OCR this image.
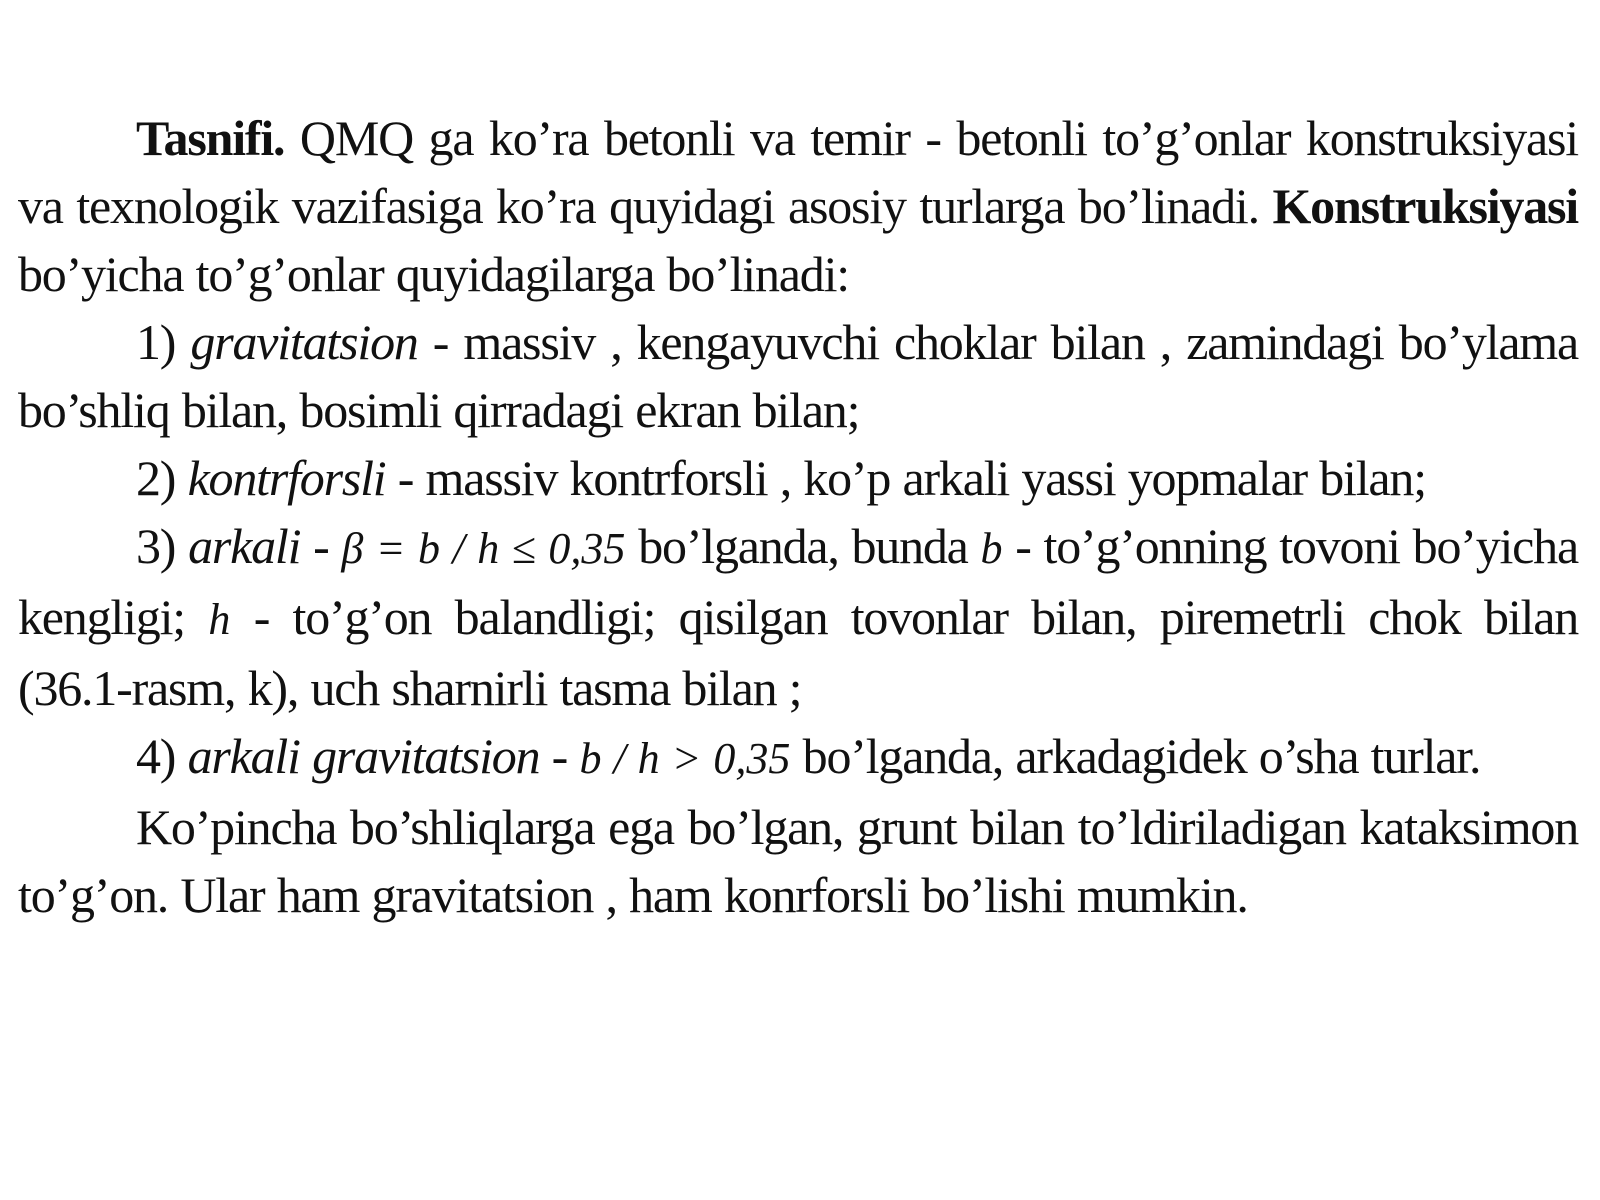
Tasnifi. QMQ ga ko’ra betonli va temir - betonli to’g’onlar konstruksiyasi va texnologik vazifasiga ko’ra quyidagi asosiy turlarga bo’linadi. Konstruksiyasi bo’yicha to’g’onlar quyidagilarga bo’linadi:

1) gravitatsion - massiv , kengayuvchi choklar bilan , zamindagi bo’ylama bo’shliq bilan, bosimli qirradagi ekran bilan;

2) kontrforsli - massiv kontrforsli , ko’p arkali yassi yopmalar bilan;

3) arkali - β = b / h ≤ 0,35 bo’lganda, bunda b - to’g’onning tovoni bo’yicha kengligi; h - to’g’on balandligi; qisilgan tovonlar bilan, piremetrli chok bilan (36.1-rasm, k), uch sharnirli tasma bilan ;

4) arkali gravitatsion - b / h > 0,35 bo’lganda, arkadagidek o’sha turlar.

Ko’pincha bo’shliqlarga ega bo’lgan, grunt bilan to’ldiriladigan kataksimon to’g’on. Ular ham gravitatsion , ham konrforsli bo’lishi mumkin.
